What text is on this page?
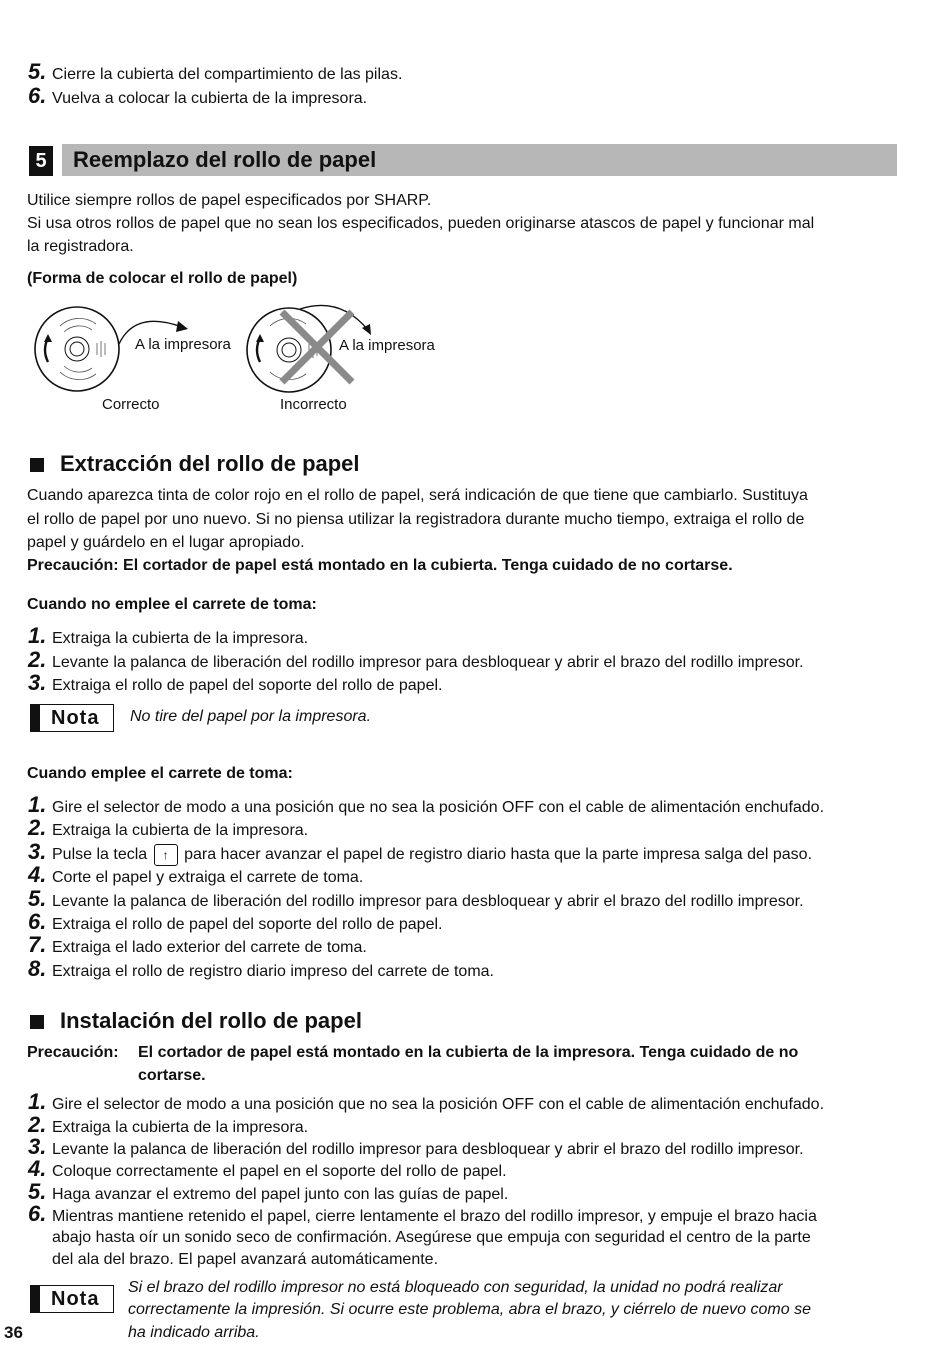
5. Cierre la cubierta del compartimiento de las pilas.
6. Vuelva a colocar la cubierta de la impresora.
5 Reemplazo del rollo de papel
Utilice siempre rollos de papel especificados por SHARP.
Si usa otros rollos de papel que no sean los especificados, pueden originarse atascos de papel y funcionar mal
la registradora.
(Forma de colocar el rollo de papel)
A la impresora
Correcto
A la impresora
Incorrecto
Extracción del rollo de papel
Cuando aparezca tinta de color rojo en el rollo de papel, será indicación de que tiene que cambiarlo. Sustituya
el rollo de papel por uno nuevo. Si no piensa utilizar la registradora durante mucho tiempo, extraiga el rollo de
papel y guárdelo en el lugar apropiado.
Precaución: El cortador de papel está montado en la cubierta. Tenga cuidado de no cortarse.
Cuando no emplee el carrete de toma:
1. Extraiga la cubierta de la impresora.
2. Levante la palanca de liberación del rodillo impresor para desbloquear y abrir el brazo del rodillo impresor.
3. Extraiga el rollo de papel del soporte del rollo de papel.
Nota No tire del papel por la impresora.
Cuando emplee el carrete de toma:
1. Gire el selector de modo a una posición que no sea la posición OFF con el cable de alimentación enchufado.
2. Extraiga la cubierta de la impresora.
3. Pulse la tecla ↑ para hacer avanzar el papel de registro diario hasta que la parte impresa salga del paso.
4. Corte el papel y extraiga el carrete de toma.
5. Levante la palanca de liberación del rodillo impresor para desbloquear y abrir el brazo del rodillo impresor.
6. Extraiga el rollo de papel del soporte del rollo de papel.
7. Extraiga el lado exterior del carrete de toma.
8. Extraiga el rollo de registro diario impreso del carrete de toma.
Instalación del rollo de papel
Precaución: El cortador de papel está montado en la cubierta de la impresora. Tenga cuidado de no
cortarse.
1. Gire el selector de modo a una posición que no sea la posición OFF con el cable de alimentación enchufado.
2. Extraiga la cubierta de la impresora.
3. Levante la palanca de liberación del rodillo impresor para desbloquear y abrir el brazo del rodillo impresor.
4. Coloque correctamente el papel en el soporte del rollo de papel.
5. Haga avanzar el extremo del papel junto con las guías de papel.
6. Mientras mantiene retenido el papel, cierre lentamente el brazo del rodillo impresor, y empuje el brazo hacia
abajo hasta oír un sonido seco de confirmación. Asegúrese que empuja con seguridad el centro de la parte
del ala del brazo. El papel avanzará automáticamente.
Nota
Si el brazo del rodillo impresor no está bloqueado con seguridad, la unidad no podrá realizar
correctamente la impresión. Si ocurre este problema, abra el brazo, y ciérrelo de nuevo como se
ha indicado arriba.
36
